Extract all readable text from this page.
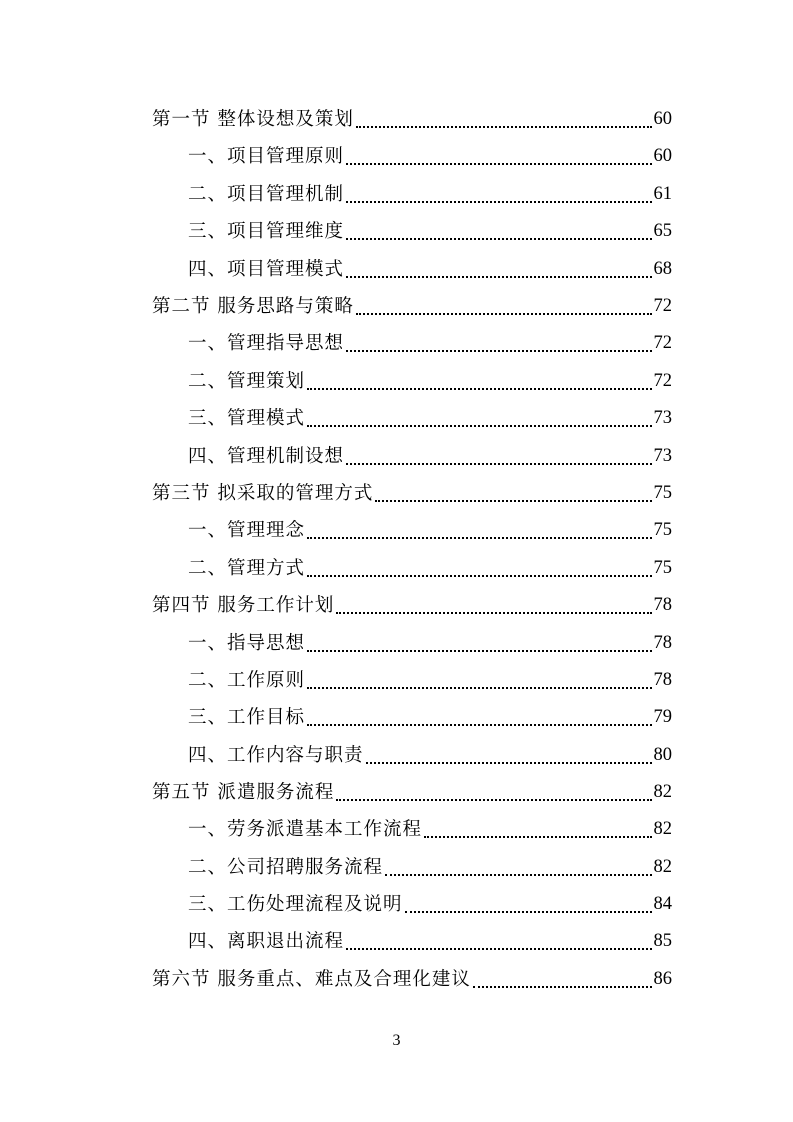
第一节 整体设想及策划	60
一、项目管理原则	60
二、项目管理机制	61
三、项目管理维度	65
四、项目管理模式	68
第二节 服务思路与策略	72
一、管理指导思想	72
二、管理策划	72
三、管理模式	73
四、管理机制设想	73
第三节 拟采取的管理方式	75
一、管理理念	75
二、管理方式	75
第四节 服务工作计划	78
一、指导思想	78
二、工作原则	78
三、工作目标	79
四、工作内容与职责	80
第五节 派遣服务流程	82
一、劳务派遣基本工作流程	82
二、公司招聘服务流程	82
三、工伤处理流程及说明	84
四、离职退出流程	85
第六节 服务重点、难点及合理化建议	86
3
